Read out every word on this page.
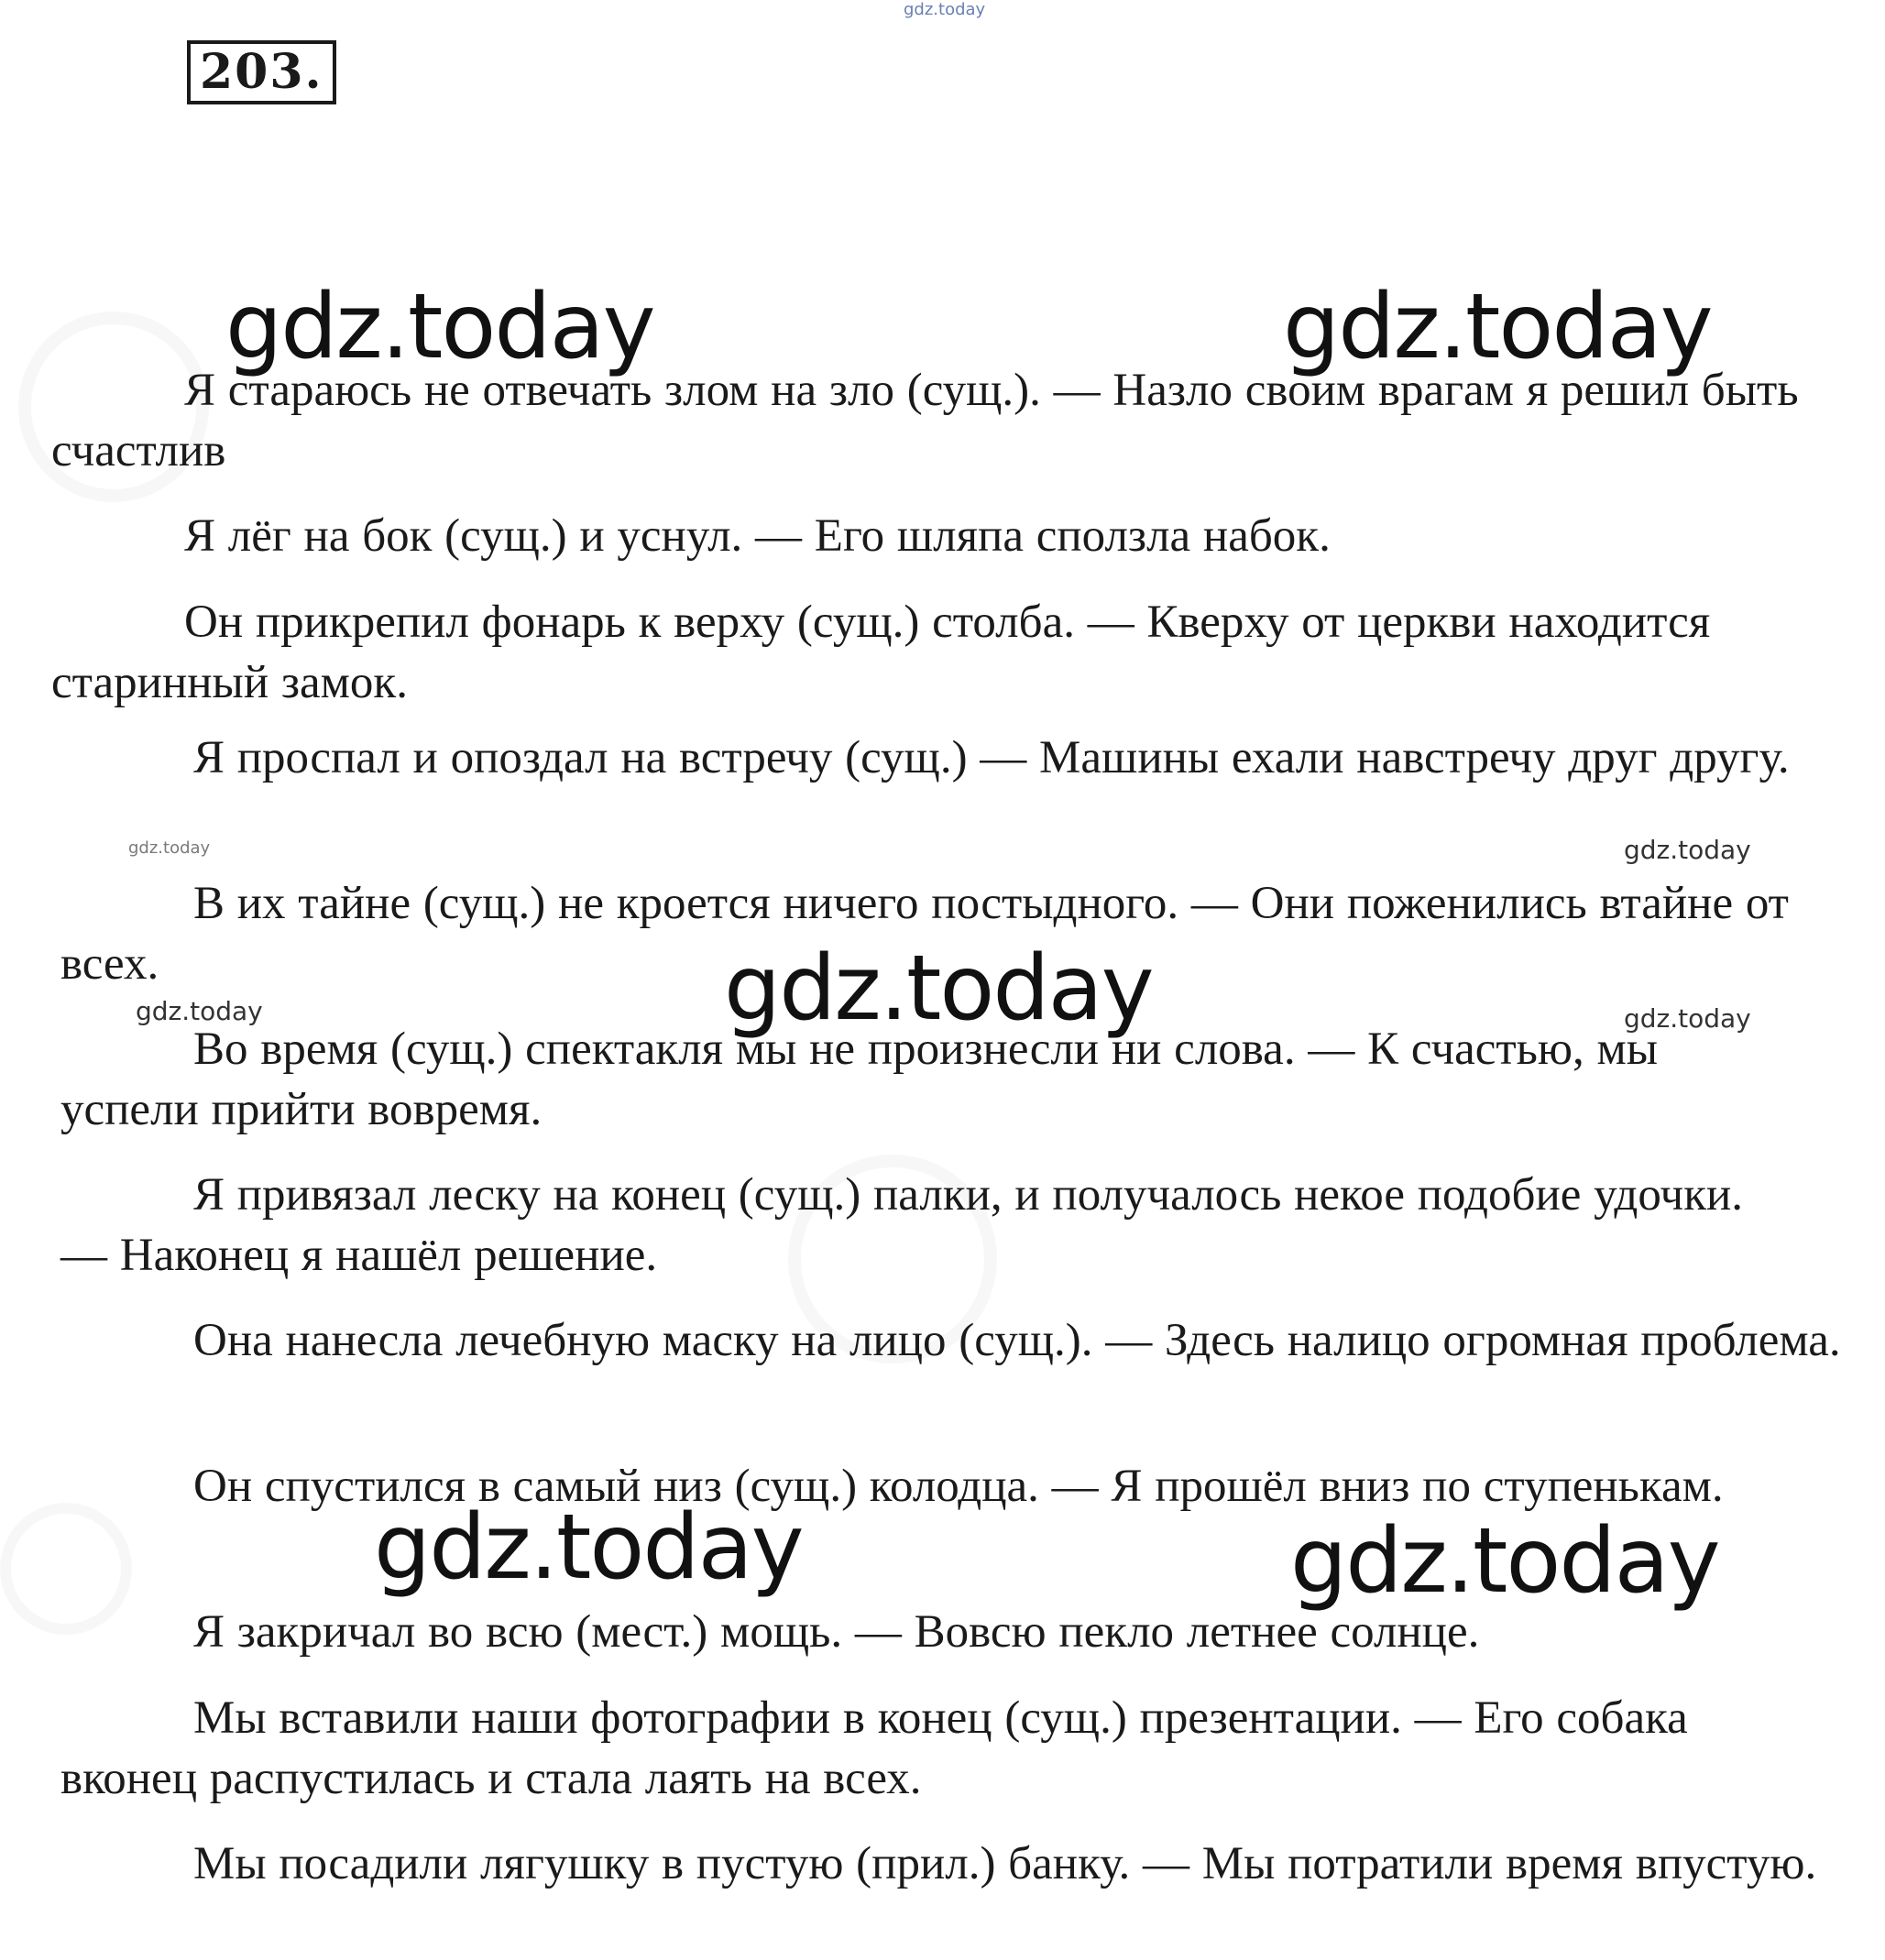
gdz.today
203.

Я стараюсь не отвечать злом на зло (сущ.). — Назло своим врагам я решил быть счастлив

Я лёг на бок (сущ.) и уснул. — Его шляпа сползла набок.

Он прикрепил фонарь к верху (сущ.) столба. — Кверху от церкви находится старинный замок.

Я проспал и опоздал на встречу (сущ.) — Машины ехали навстречу друг другу.

В их тайне (сущ.) не кроется ничего постыдного. — Они поженились втайне от всех.

Во время (сущ.) спектакля мы не произнесли ни слова. — К счастью, мы успели прийти вовремя.

Я привязал леску на конец (сущ.) палки, и получалось некое подобие удочки. — Наконец я нашёл решение.

Она нанесла лечебную маску на лицо (сущ.). — Здесь налицо огромная проблема.

Он спустился в самый низ (сущ.) колодца. — Я прошёл вниз по ступенькам.

Я закричал во всю (мест.) мощь. — Вовсю пекло летнее солнце.

Мы вставили наши фотографии в конец (сущ.) презентации. — Его собака вконец распустилась и стала лаять на всех.

Мы посадили лягушку в пустую (прил.) банку. — Мы потратили время впустую.

gdz.today	gdz.today
gdz.today
gdz.today	gdz.today
gdz.today
gdz.today	gdz.today
gdz.today
